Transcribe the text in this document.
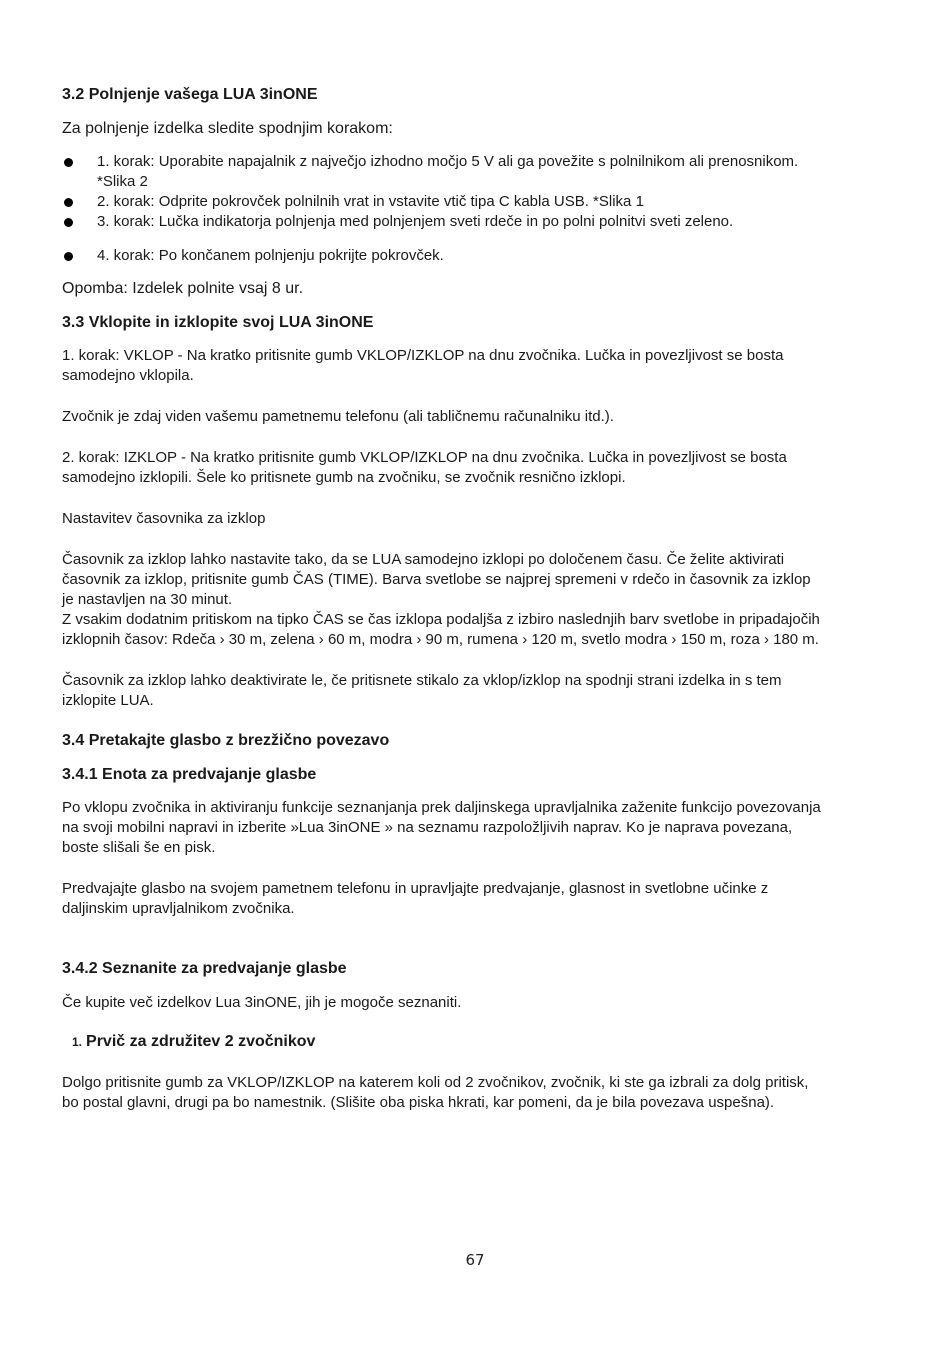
3.2 Polnjenje vašega LUA 3inONE

Za polnjenje izdelka sledite spodnjim korakom:

1. korak: Uporabite napajalnik z največjo izhodno močjo 5 V ali ga povežite s polnilnikom ali prenosnikom.
*Slika 2
2. korak: Odprite pokrovček polnilnih vrat in vstavite vtič tipa C kabla USB. *Slika 1
3. korak: Lučka indikatorja polnjenja med polnjenjem sveti rdeče in po polni polnitvi sveti zeleno.
4. korak: Po končanem polnjenju pokrijte pokrovček.

Opomba: Izdelek polnite vsaj 8 ur.

3.3 Vklopite in izklopite svoj LUA 3inONE

1. korak: VKLOP - Na kratko pritisnite gumb VKLOP/IZKLOP na dnu zvočnika. Lučka in povezljivost se bosta samodejno vklopila.

Zvočnik je zdaj viden vašemu pametnemu telefonu (ali tabličnemu računalniku itd.).

2. korak: IZKLOP - Na kratko pritisnite gumb VKLOP/IZKLOP na dnu zvočnika. Lučka in povezljivost se bosta samodejno izklopili. Šele ko pritisnete gumb na zvočniku, se zvočnik resnično izklopi.

Nastavitev časovnika za izklop

Časovnik za izklop lahko nastavite tako, da se LUA samodejno izklopi po določenem času. Če želite aktivirati časovnik za izklop, pritisnite gumb ČAS (TIME). Barva svetlobe se najprej spremeni v rdečo in časovnik za izklop je nastavljen na 30 minut.

Z vsakim dodatnim pritiskom na tipko ČAS se čas izklopa podaljša z izbiro naslednjih barv svetlobe in pripadajočih izklopnih časov: Rdeča › 30 m, zelena › 60 m, modra › 90 m, rumena › 120 m, svetlo modra › 150 m, roza › 180 m.

Časovnik za izklop lahko deaktivirate le, če pritisnete stikalo za vklop/izklop na spodnji strani izdelka in s tem izklopite LUA.

3.4 Pretakajte glasbo z brezžično povezavo
3.4.1 Enota za predvajanje glasbe

Po vklopu zvočnika in aktiviranju funkcije seznanjanja prek daljinskega upravljalnika zaženite funkcijo povezovanja na svoji mobilni napravi in izberite »Lua 3inONE » na seznamu razpoložljivih naprav. Ko je naprava povezana, boste slišali še en pisk.

Predvajajte glasbo na svojem pametnem telefonu in upravljajte predvajanje, glasnost in svetlobne učinke z daljinskim upravljalnikom zvočnika.

3.4.2 Seznanite za predvajanje glasbe

Če kupite več izdelkov Lua 3inONE, jih je mogoče seznaniti.

1. Prvič za združitev 2 zvočnikov

Dolgo pritisnite gumb za VKLOP/IZKLOP na katerem koli od 2 zvočnikov, zvočnik, ki ste ga izbrali za dolg pritisk, bo postal glavni, drugi pa bo namestnik. (Slišite oba piska hkrati, kar pomeni, da je bila povezava uspešna).

67
